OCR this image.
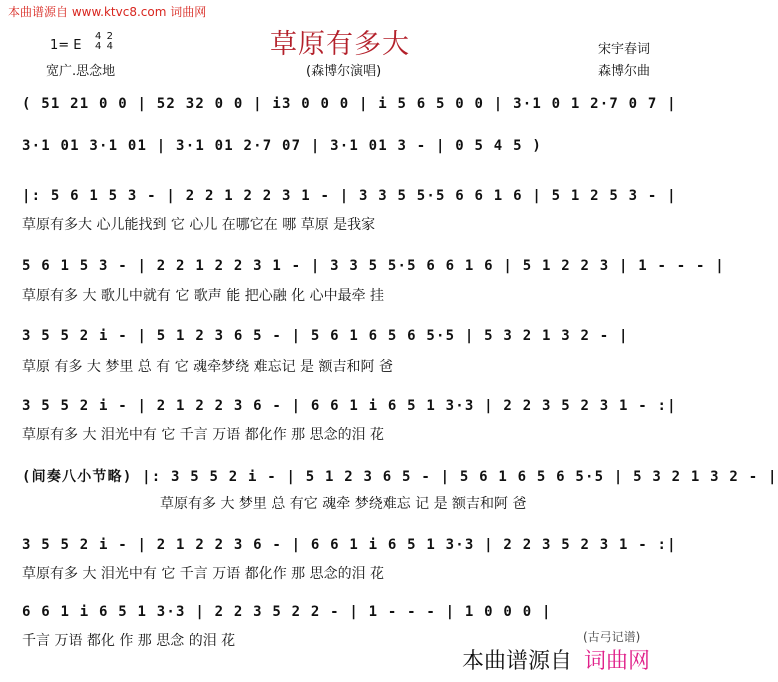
本曲谱源自 www.ktvc8.com 词曲网
草原有多大
1= E
4
4

2
4	宋宇春词
宽广.思念地	(森博尔演唱)	森博尔曲
( 51 21 0 0 | 52 32 0 0 | i3 0 0 0 | i 5 6 5 0 0 | 3·1 0 1 2·7 0 7 |
3·1 01 3·1 01 | 3·1 01 2·7 07 | 3·1 01 3 - | 0 5 4 5 )
|: 5 6 1 5 3 - | 2 2 1 2 2 3 1 - | 3 3 5 5·5 6 6 1 6 | 5 1 2 5 3 - |
草原有多大 心儿能找到 它 心儿 在哪它在 哪 草原 是我家
5 6 1 5 3 - | 2 2 1 2 2 3 1 - | 3 3 5 5·5 6 6 1 6 | 5 1 2 2 3 | 1 - - - |
草原有多 大 歌儿中就有 它 歌声 能 把心融 化 心中最牵 挂
3 5 5 2 i - | 5 1 2 3 6 5 - | 5 6 1 6 5 6 5·5 | 5 3 2 1 3 2 - |
草原 有多 大 梦里 总 有 它 魂牵梦绕 难忘记 是 额吉和阿 爸
3 5 5 2 i - | 2 1 2 2 3 6 - | 6 6 1 i 6 5 1 3·3 | 2 2 3 5 2 3 1 - :|
草原有多 大 泪光中有 它 千言 万语 都化作 那 思念的泪 花
(间奏八小节略) |: 3 5 5 2 i - | 5 1 2 3 6 5 - | 5 6 1 6 5 6 5·5 | 5 3 2 1 3 2 - |
草原有多 大 梦里 总 有它 魂牵 梦绕难忘 记 是 额吉和阿 爸
3 5 5 2 i - | 2 1 2 2 3 6 - | 6 6 1 i 6 5 1 3·3 | 2 2 3 5 2 3 1 - :|
草原有多 大 泪光中有 它 千言 万语 都化作 那 思念的泪 花
6 6 1 i 6 5 1 3·3 | 2 2 3 5 2 2 - | 1 - - - | 1 0 0 0 |
千言 万语 都化 作 那 思念 的泪 花	(古弓记谱)
本曲谱源自 词曲网
